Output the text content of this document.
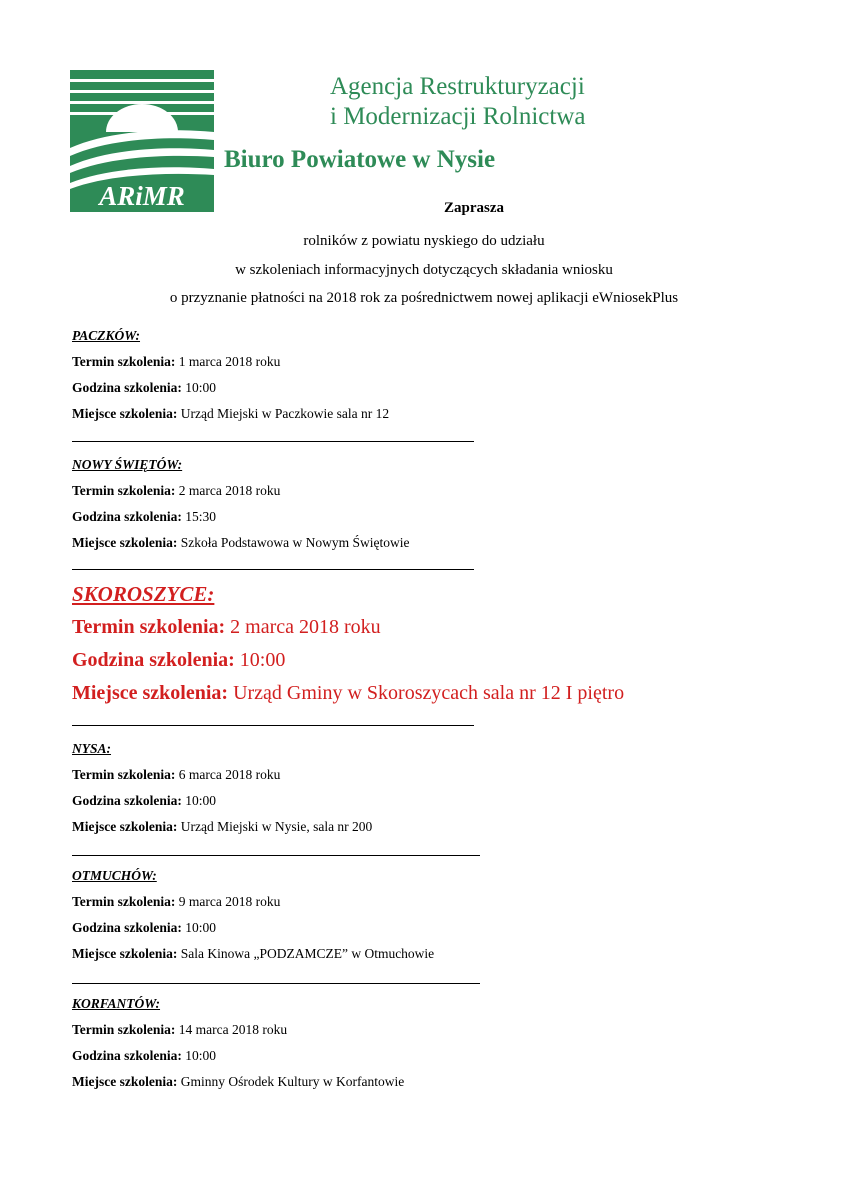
ARiMR
Agencja Restrukturyzacji
i Modernizacji Rolnictwa
Biuro Powiatowe w Nysie
Zaprasza
rolników z powiatu nyskiego do udziału
w szkoleniach informacyjnych dotyczących składania wniosku
o przyznanie płatności na 2018 rok za pośrednictwem nowej aplikacji eWniosekPlus
PACZKÓW:
Termin szkolenia: 1 marca 2018 roku
Godzina szkolenia: 10:00
Miejsce szkolenia: Urząd Miejski w Paczkowie sala nr 12
NOWY ŚWIĘTÓW:
Termin szkolenia: 2 marca 2018 roku
Godzina szkolenia: 15:30
Miejsce szkolenia: Szkoła Podstawowa w Nowym Świętowie
SKOROSZYCE:
Termin szkolenia: 2 marca 2018 roku
Godzina szkolenia: 10:00
Miejsce szkolenia: Urząd Gminy w Skoroszycach sala nr 12 I piętro
NYSA:
Termin szkolenia: 6 marca 2018 roku
Godzina szkolenia: 10:00
Miejsce szkolenia: Urząd Miejski w Nysie, sala nr 200
OTMUCHÓW:
Termin szkolenia: 9 marca 2018 roku
Godzina szkolenia: 10:00
Miejsce szkolenia: Sala Kinowa „PODZAMCZE” w Otmuchowie
KORFANTÓW:
Termin szkolenia: 14 marca 2018 roku
Godzina szkolenia: 10:00
Miejsce szkolenia: Gminny Ośrodek Kultury w Korfantowie
